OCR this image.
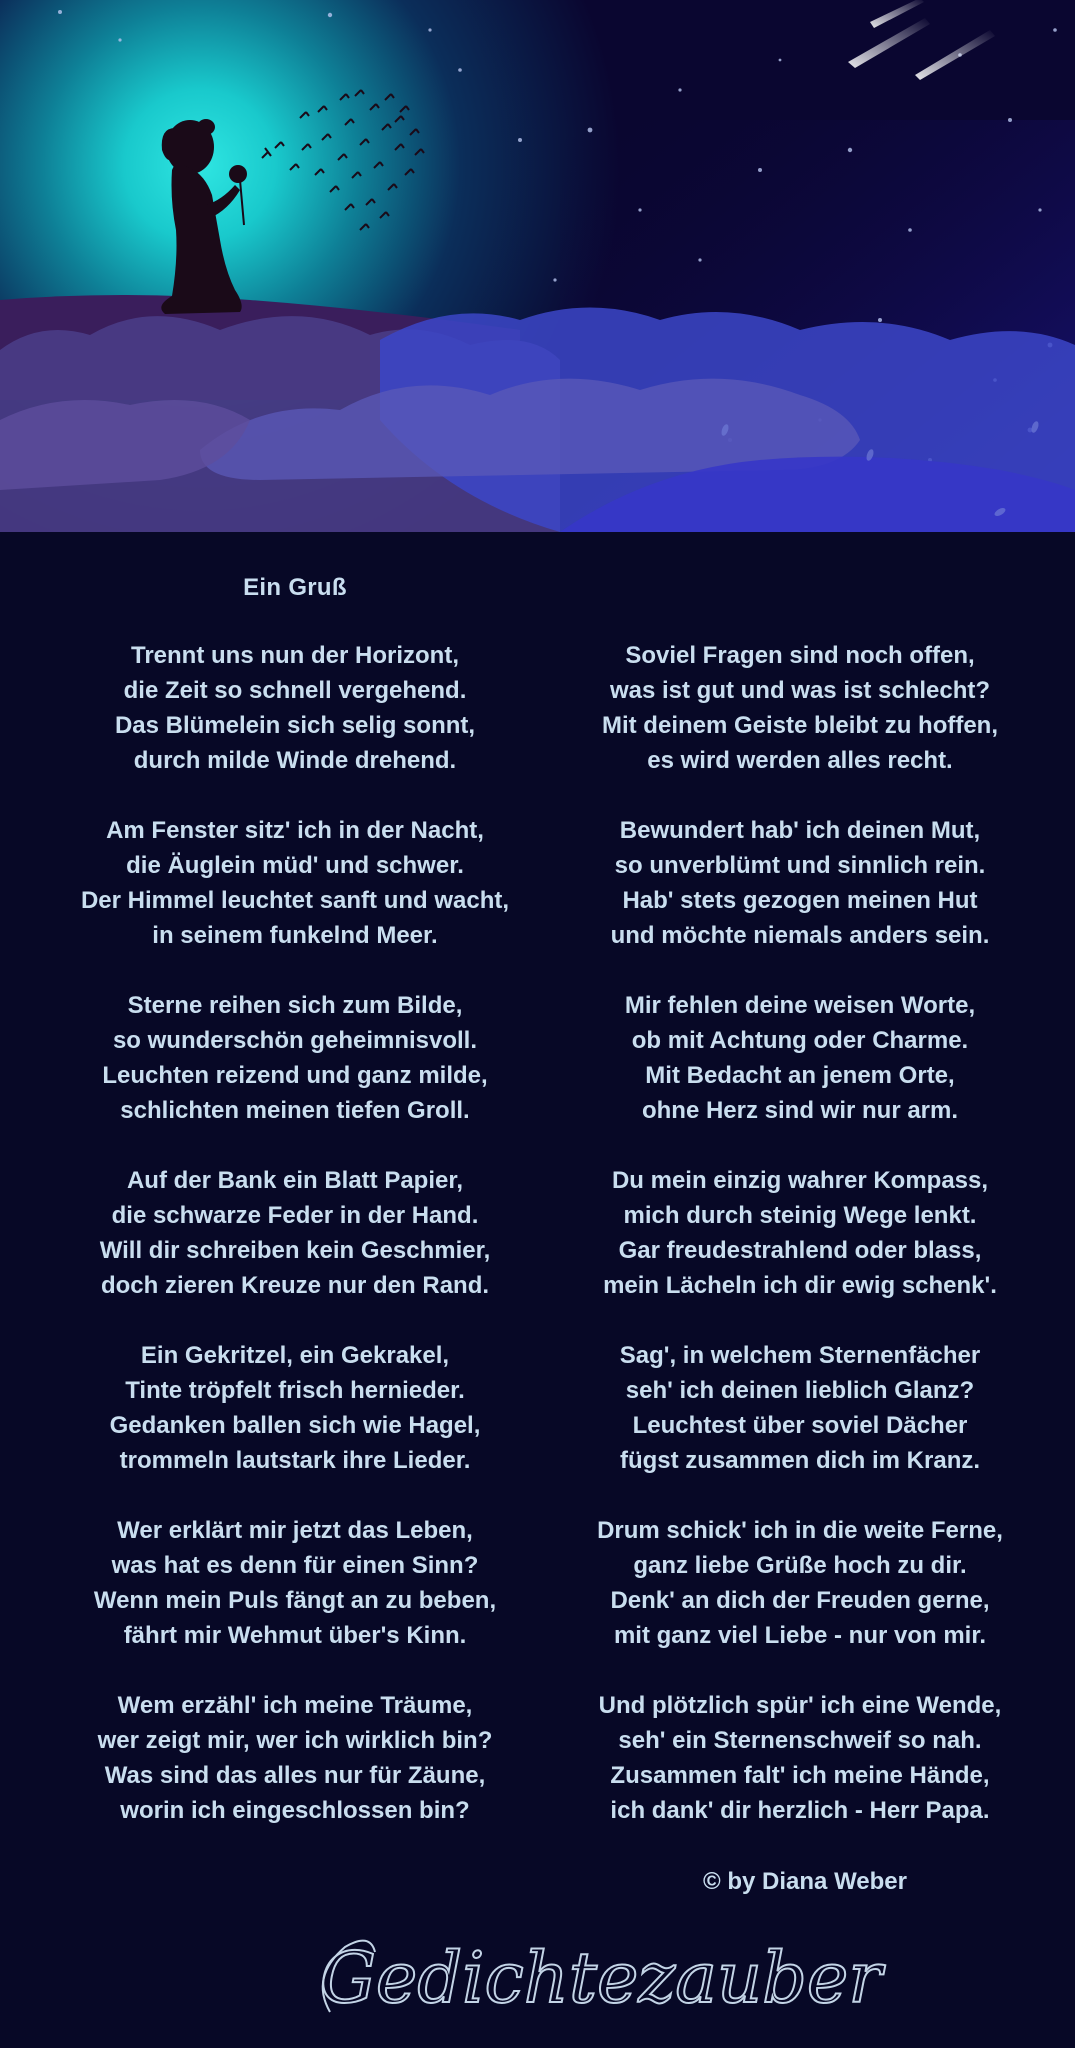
Ein Gruß
Trennt uns nun der Horizont,
die Zeit so schnell vergehend.
Das Blümelein sich selig sonnt,
durch milde Winde drehend.
Am Fenster sitz' ich in der Nacht,
die Äuglein müd' und schwer.
Der Himmel leuchtet sanft und wacht,
in seinem funkelnd Meer.
Sterne reihen sich zum Bilde,
so wunderschön geheimnisvoll.
Leuchten reizend und ganz milde,
schlichten meinen tiefen Groll.
Auf der Bank ein Blatt Papier,
die schwarze Feder in der Hand.
Will dir schreiben kein Geschmier,
doch zieren Kreuze nur den Rand.
Ein Gekritzel, ein Gekrakel,
Tinte tröpfelt frisch hernieder.
Gedanken ballen sich wie Hagel,
trommeln lautstark ihre Lieder.
Wer erklärt mir jetzt das Leben,
was hat es denn für einen Sinn?
Wenn mein Puls fängt an zu beben,
fährt mir Wehmut über's Kinn.
Wem erzähl' ich meine Träume,
wer zeigt mir, wer ich wirklich bin?
Was sind das alles nur für Zäune,
worin ich eingeschlossen bin?
Soviel Fragen sind noch offen,
was ist gut und was ist schlecht?
Mit deinem Geiste bleibt zu hoffen,
es wird werden alles recht.
Bewundert hab' ich deinen Mut,
so unverblümt und sinnlich rein.
Hab' stets gezogen meinen Hut
und möchte niemals anders sein.
Mir fehlen deine weisen Worte,
ob mit Achtung oder Charme.
Mit Bedacht an jenem Orte,
ohne Herz sind wir nur arm.
Du mein einzig wahrer Kompass,
mich durch steinig Wege lenkt.
Gar freudestrahlend oder blass,
mein Lächeln ich dir ewig schenk'.
Sag', in welchem Sternenfächer
seh' ich deinen lieblich Glanz?
Leuchtest über soviel Dächer
fügst zusammen dich im Kranz.
Drum schick' ich in die weite Ferne,
ganz liebe Grüße hoch zu dir.
Denk' an dich der Freuden gerne,
mit ganz viel Liebe - nur von mir.
Und plötzlich spür' ich eine Wende,
seh' ein Sternenschweif so nah.
Zusammen falt' ich meine Hände,
ich dank' dir herzlich - Herr Papa.
© by Diana Weber
Gedichtezauber
